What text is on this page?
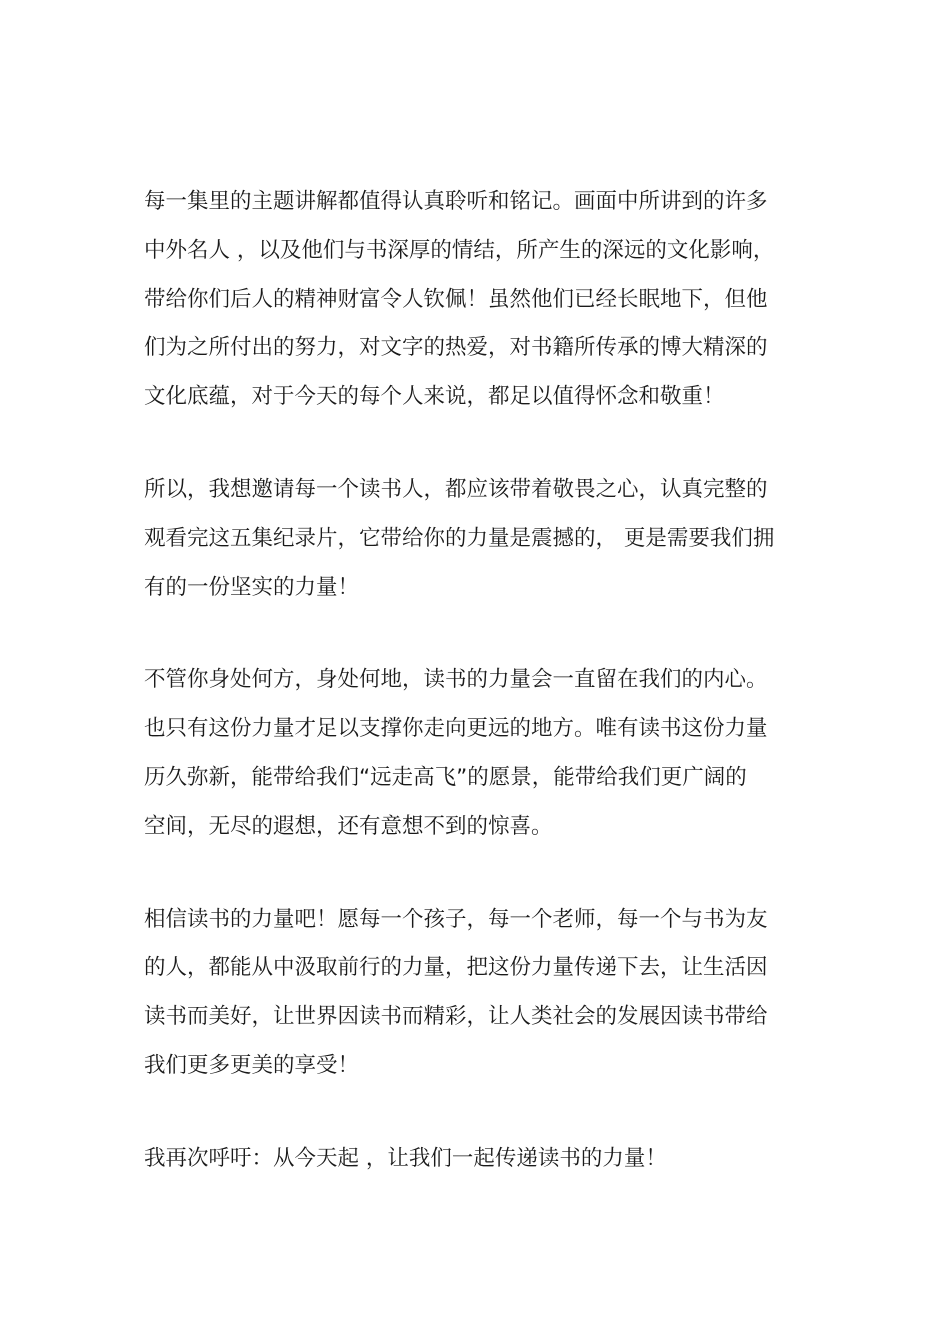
每一集里的主题讲解都值得认真聆听和铭记。画面中所讲到的许多
中外名人 ，以及他们与书深厚的情结，所产生的深远的文化影响，
带给你们后人的精神财富令人钦佩！虽然他们已经长眠地下，但他
们为之所付出的努力，对文字的热爱，对书籍所传承的博大精深的
文化底蕴，对于今天的每个人来说，都足以值得怀念和敬重！

所以，我想邀请每一个读书人，都应该带着敬畏之心，认真完整的
观看完这五集纪录片，它带给你的力量是震撼的， 更是需要我们拥
有的一份坚实的力量！

不管你身处何方，身处何地，读书的力量会一直留在我们的内心。
也只有这份力量才足以支撑你走向更远的地方。唯有读书这份力量
历久弥新，能带给我们“远走高飞”的愿景，能带给我们更广阔的
空间，无尽的遐想，还有意想不到的惊喜。

相信读书的力量吧！愿每一个孩子，每一个老师，每一个与书为友
的人，都能从中汲取前行的力量，把这份力量传递下去，让生活因
读书而美好，让世界因读书而精彩，让人类社会的发展因读书带给
我们更多更美的享受！

我再次呼吁：从今天起 ，让我们一起传递读书的力量！
